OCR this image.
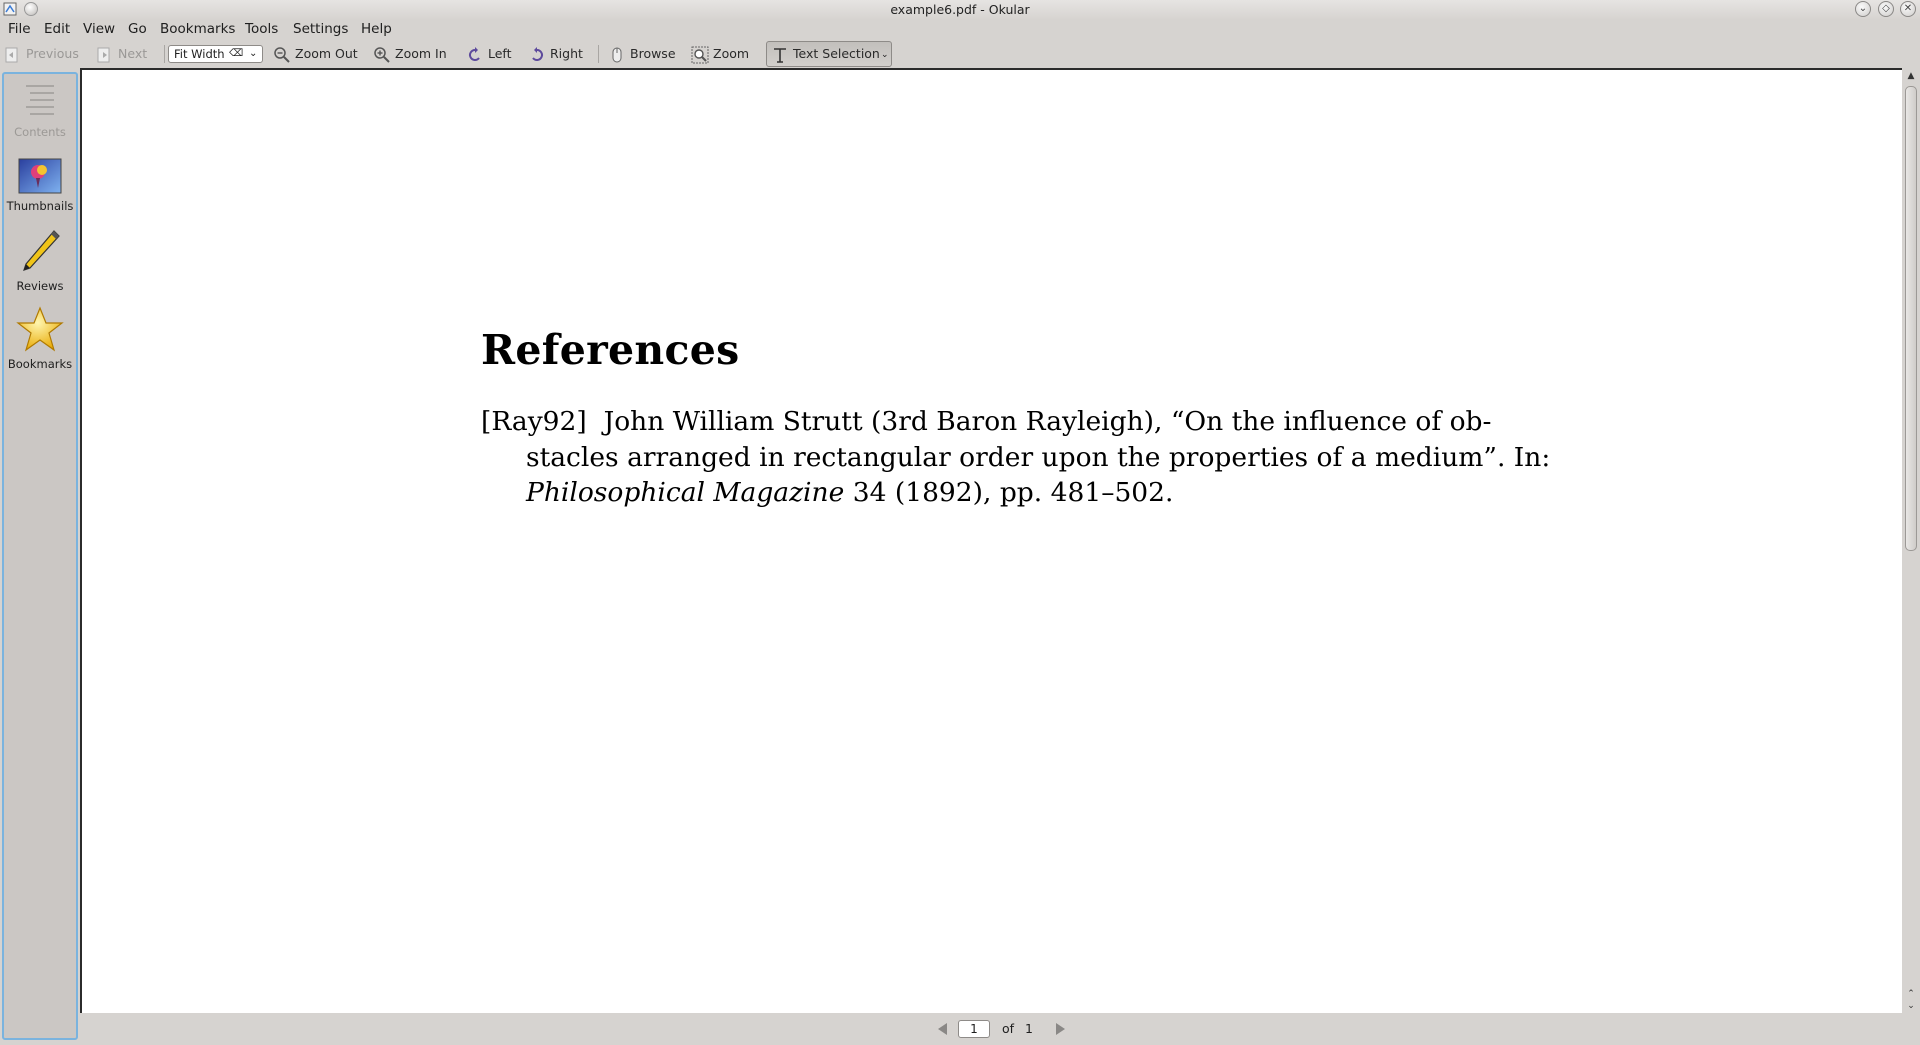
example6.pdf - Okular	⌄	◇	✕
File Edit View Go Bookmarks Tools Settings Help
Previous	Next	Fit Width ⌫ ⌄	Zoom Out	Zoom In	Left	Right	Browse	Zoom	Text Selection ⌄
Contents
Thumbnails
Reviews
Bookmarks	References
[Ray92] John William Strutt (3rd Baron Rayleigh), “On the influence of ob-
stacles arranged in rectangular order upon the properties of a medium”. In:
Philosophical Magazine 34 (1892), pp. 481–502.
▲
⌃
⌄
1	of 1
